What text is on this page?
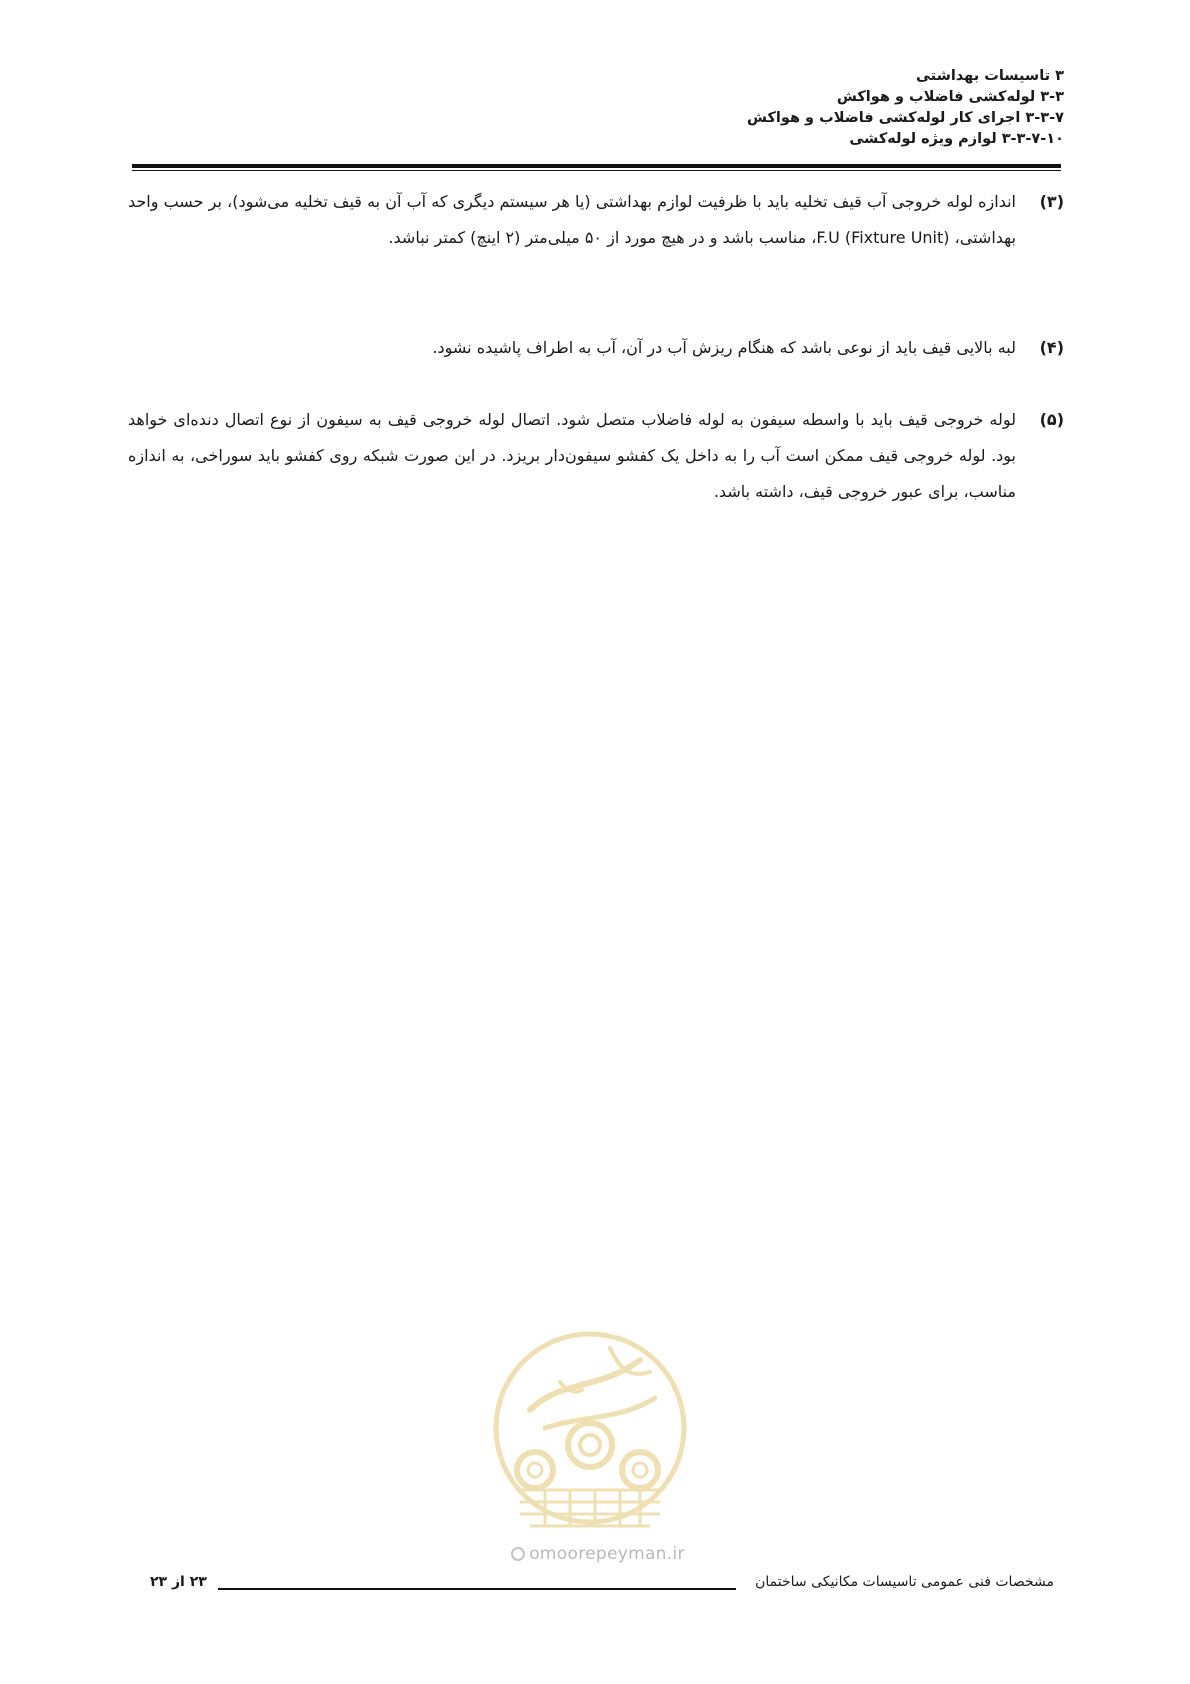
۳ تاسیسات بهداشتی
۳-۳ لوله‌کشی فاضلاب و هواکش
۳-۳-۷ اجرای کار لوله‌کشی فاضلاب و هواکش
۳-۳-۷-۱۰ لوازم ویژه لوله‌کشی
(۳)
اندازه لوله خروجی آب قیف تخلیه باید با ظرفیت لوازم بهداشتی (یا هر سیستم دیگری که آب آن به قیف تخلیه می‌شود)، بر حسب واحد بهداشتی، F.U (Fixture Unit)، مناسب باشد و در هیچ مورد از ۵۰ میلی‌متر (۲ اینچ) کمتر نباشد.
(۴)
لبه بالایی قیف باید از نوعی باشد که هنگام ریزش آب در آن، آب به اطراف پاشیده نشود.
(۵)
لوله خروجی قیف باید با واسطه سیفون به لوله فاضلاب متصل شود. اتصال لوله خروجی قیف به سیفون از نوع اتصال دنده‌ای خواهد بود. لوله خروجی قیف ممکن است آب را به داخل یک کفشو سیفون‌دار بریزد. در این صورت شبکه روی کفشو باید سوراخی، به اندازه مناسب، برای عبور خروجی قیف، داشته باشد.
omoorepeyman.ir
مشخصات فنی عمومی تاسیسات مکانیکی ساختمان
۲۳ از ۲۳
